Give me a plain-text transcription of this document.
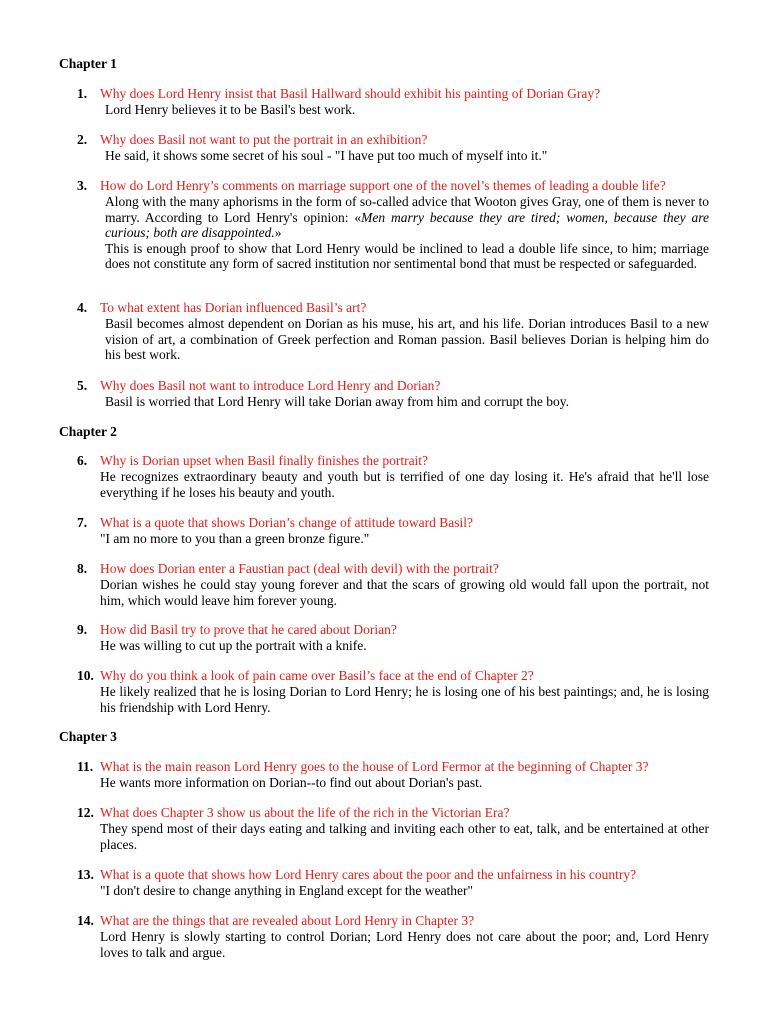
Chapter 1
1. Why does Lord Henry insist that Basil Hallward should exhibit his painting of Dorian Gray?
Lord Henry believes it to be Basil's best work.
2. Why does Basil not want to put the portrait in an exhibition?
He said, it shows some secret of his soul - "I have put too much of myself into it."
3. How do Lord Henry’s comments on marriage support one of the novel’s themes of leading a double life?

Along with the many aphorisms in the form of so-called advice that Wooton gives Gray, one of them is never to marry. According to Lord Henry's opinion: «Men marry because they are tired; women, because they are curious; both are disappointed.»

This is enough proof to show that Lord Henry would be inclined to lead a double life since, to him; marriage does not constitute any form of sacred institution nor sentimental bond that must be respected or safeguarded.

4. To what extent has Dorian influenced Basil’s art?
Basil becomes almost dependent on Dorian as his muse, his art, and his life. Dorian introduces Basil to a new vision of art, a combination of Greek perfection and Roman passion. Basil believes Dorian is helping him do his best work.
5. Why does Basil not want to introduce Lord Henry and Dorian?
Basil is worried that Lord Henry will take Dorian away from him and corrupt the boy.
Chapter 2
6. Why is Dorian upset when Basil finally finishes the portrait?
He recognizes extraordinary beauty and youth but is terrified of one day losing it. He's afraid that he'll lose everything if he loses his beauty and youth.
7. What is a quote that shows Dorian’s change of attitude toward Basil?
"I am no more to you than a green bronze figure."
8. How does Dorian enter a Faustian pact (deal with devil) with the portrait?
Dorian wishes he could stay young forever and that the scars of growing old would fall upon the portrait, not him, which would leave him forever young.
9. How did Basil try to prove that he cared about Dorian?
He was willing to cut up the portrait with a knife.
10. Why do you think a look of pain came over Basil’s face at the end of Chapter 2?
He likely realized that he is losing Dorian to Lord Henry; he is losing one of his best paintings; and, he is losing his friendship with Lord Henry.
Chapter 3
11. What is the main reason Lord Henry goes to the house of Lord Fermor at the beginning of Chapter 3?
He wants more information on Dorian--to find out about Dorian's past.
12. What does Chapter 3 show us about the life of the rich in the Victorian Era?
They spend most of their days eating and talking and inviting each other to eat, talk, and be entertained at other places.
13. What is a quote that shows how Lord Henry cares about the poor and the unfairness in his country?
"I don't desire to change anything in England except for the weather"
14. What are the things that are revealed about Lord Henry in Chapter 3?
Lord Henry is slowly starting to control Dorian; Lord Henry does not care about the poor; and, Lord Henry loves to talk and argue.
